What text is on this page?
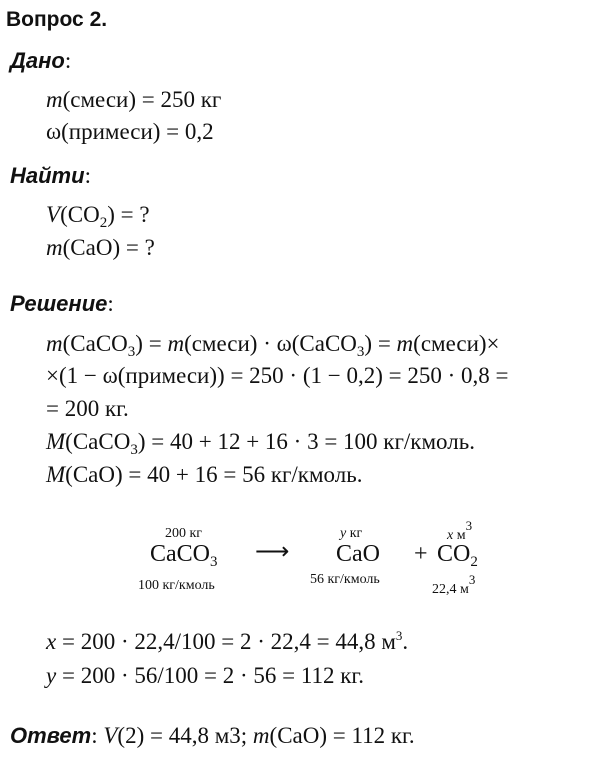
Вопрос 2.
Дано:
m(смеси) = 250 кг
ω(примеси) = 0,2
Найти:
$V(CO_2)$ = ?
m(CaO) = ?
Решение:
m(CaCO$_3$) = m(смеси) · ω(CaCO$_3$) = m(смеси)×
×(1 − ω(примеси)) = 250 · (1 − 0,2) = 250 · 0,8 =
= 200 кг.
M(CaCO$_3$) = 40 + 12 + 16 · 3 = 100 кг/кмоль.
M(CaO) = 40 + 16 = 56 кг/кмоль.
200 кг
CaCO$_3$
100 кг/кмоль
⟶
y кг
CaO
56 кг/кмоль
+
x $м^3$
$CO_2$
22,4 $м^3$
x = 200 · 22,4/100 = 2 · 22,4 = 44,8 $м^3$.
y = 200 · 56/100 = 2 · 56 = 112 кг.
Ответ: V(2) = 44,8 м3; m(CaO) = 112 кг.
